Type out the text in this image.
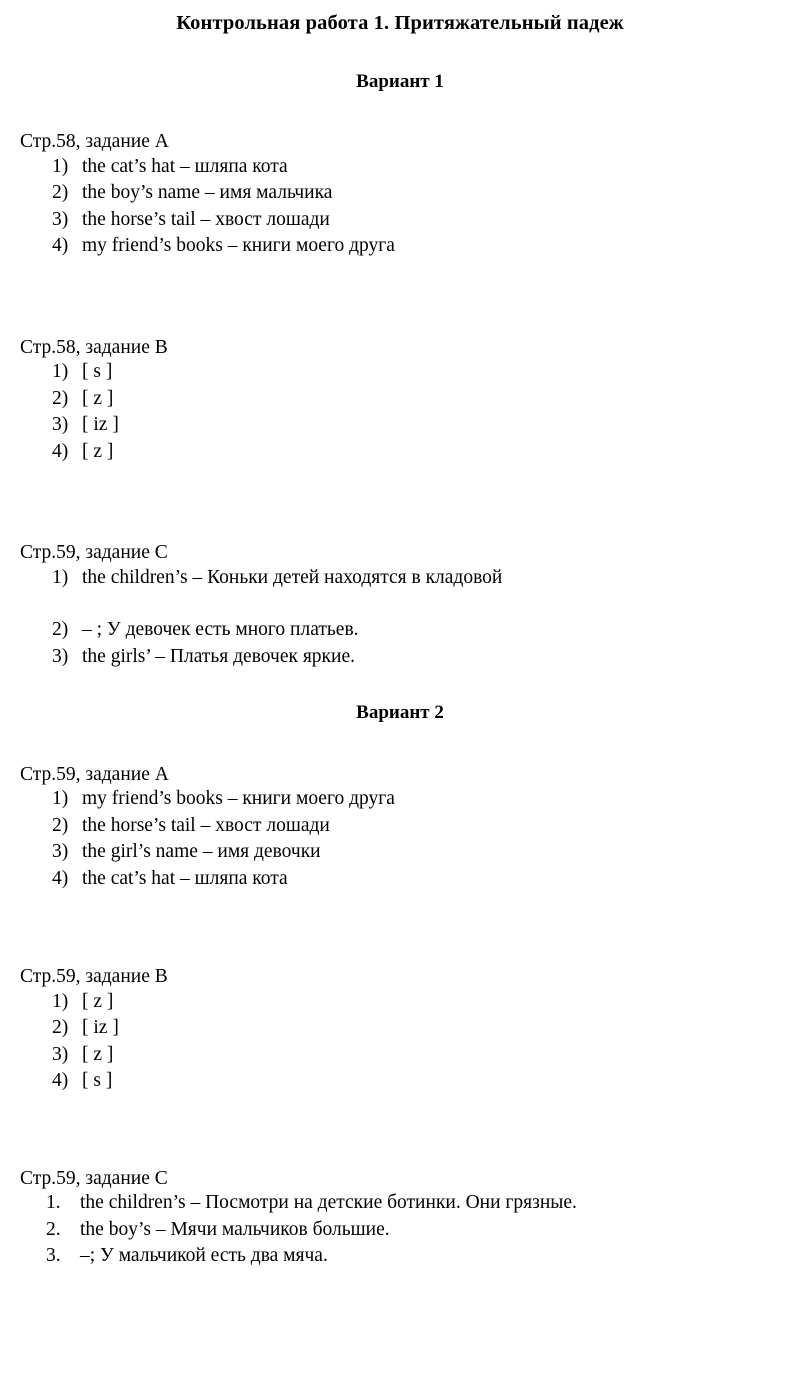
Контрольная работа 1. Притяжательный падеж
Вариант 1

Стр.58, задание A

1) the cat’s hat – шляпа кота
2) the boy’s name – имя мальчика
3) the horse’s tail – хвост лошади
4) my friend’s books – книги моего друга

Стр.58, задание B

1) [ s ]
2) [ z ]
3) [ iz ]
4) [ z ]

Стр.59, задание C

1) the children’s – Коньки детей находятся в кладовой
2) – ; У девочек есть много платьев.
3) the girls’ – Платья девочек яркие.
Вариант 2

Стр.59, задание A

1) my friend’s books – книги моего друга
2) the horse’s tail – хвост лошади
3) the girl’s name – имя девочки
4) the cat’s hat – шляпа кота

Стр.59, задание B

1) [ z ]
2) [ iz ]
3) [ z ]
4) [ s ]

Стр.59, задание C

1. the children’s – Посмотри на детские ботинки. Они грязные.
2. the boy’s – Мячи мальчиков большие.
3. –; У мальчикой есть два мяча.
